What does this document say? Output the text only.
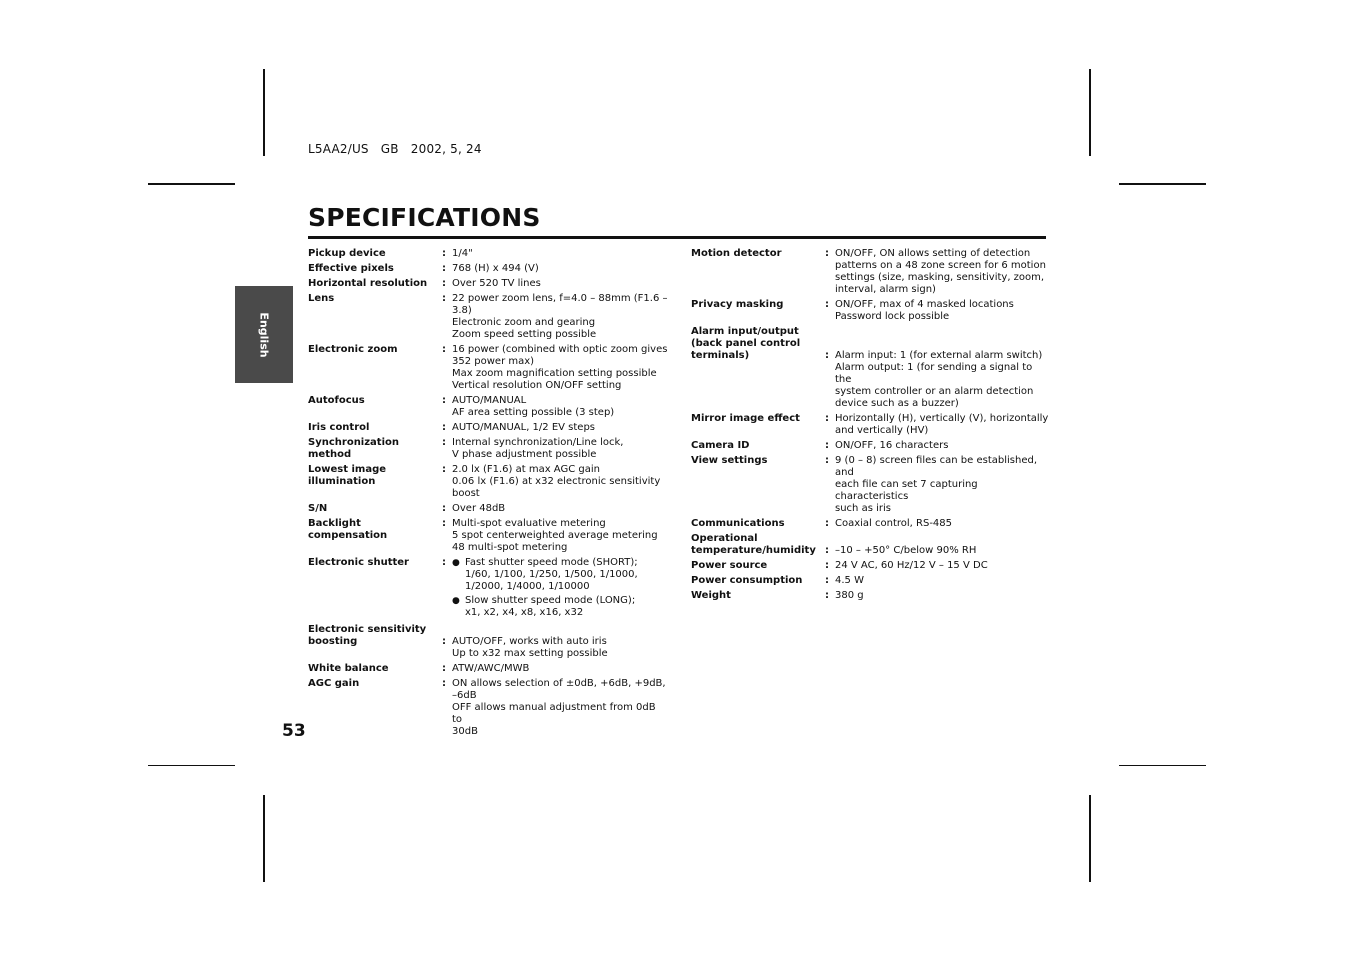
L5AA2/US   GB   2002, 5, 24
SPECIFICATIONS
English
Pickup device	: 1/4"
Effective pixels	: 768 (H) x 494 (V)
Horizontal resolution	: Over 520 TV lines
Lens	: 22 power zoom lens, f=4.0 – 88mm (F1.6 –
3.8)
Electronic zoom and gearing
Zoom speed setting possible
Electronic zoom	: 16 power (combined with optic zoom gives
352 power max)
Max zoom magnification setting possible
Vertical resolution ON/OFF setting
Autofocus	: AUTO/MANUAL
AF area setting possible (3 step)
Iris control	: AUTO/MANUAL, 1/2 EV steps
Synchronization method
: Internal synchronization/Line lock,
V phase adjustment possible
Lowest image illumination
: 2.0 lx (F1.6) at max AGC gain
0.06 lx (F1.6) at x32 electronic sensitivity
boost
S/N	: Over 48dB
Backlight compensation
: Multi-spot evaluative metering
5 spot centerweighted average metering
48 multi-spot metering
Electronic shutter	: ● Fast shutter speed mode (SHORT);
1/60, 1/100, 1/250, 1/500, 1/1000,
1/2000, 1/4000, 1/10000
● Slow shutter speed mode (LONG);
x1, x2, x4, x8, x16, x32
Electronic sensitivity
boosting	: AUTO/OFF, works with auto iris
Up to x32 max setting possible
White balance	: ATW/AWC/MWB
AGC gain	: ON allows selection of ±0dB, +6dB, +9dB, –6dB
OFF allows manual adjustment from 0dB to
30dB
Motion detector	: ON/OFF, ON allows setting of detection
patterns on a 48 zone screen for 6 motion
settings (size, masking, sensitivity, zoom,
interval, alarm sign)
Privacy masking	: ON/OFF, max of 4 masked locations
Password lock possible
Alarm input/output
(back panel control
terminals)	: Alarm input: 1 (for external alarm switch)
Alarm output: 1 (for sending a signal to the
system controller or an alarm detection
device such as a buzzer)
Mirror image effect	: Horizontally (H), vertically (V), horizontally
and vertically (HV)
Camera ID	: ON/OFF, 16 characters
View settings	: 9 (0 – 8) screen files can be established, and
each file can set 7 capturing characteristics
such as iris
Communications	: Coaxial control, RS-485
Operational
temperature/humidity : –10 – +50° C/below 90% RH
Power source	: 24 V AC, 60 Hz/12 V – 15 V DC
Power consumption	: 4.5 W
Weight	: 380 g
53
